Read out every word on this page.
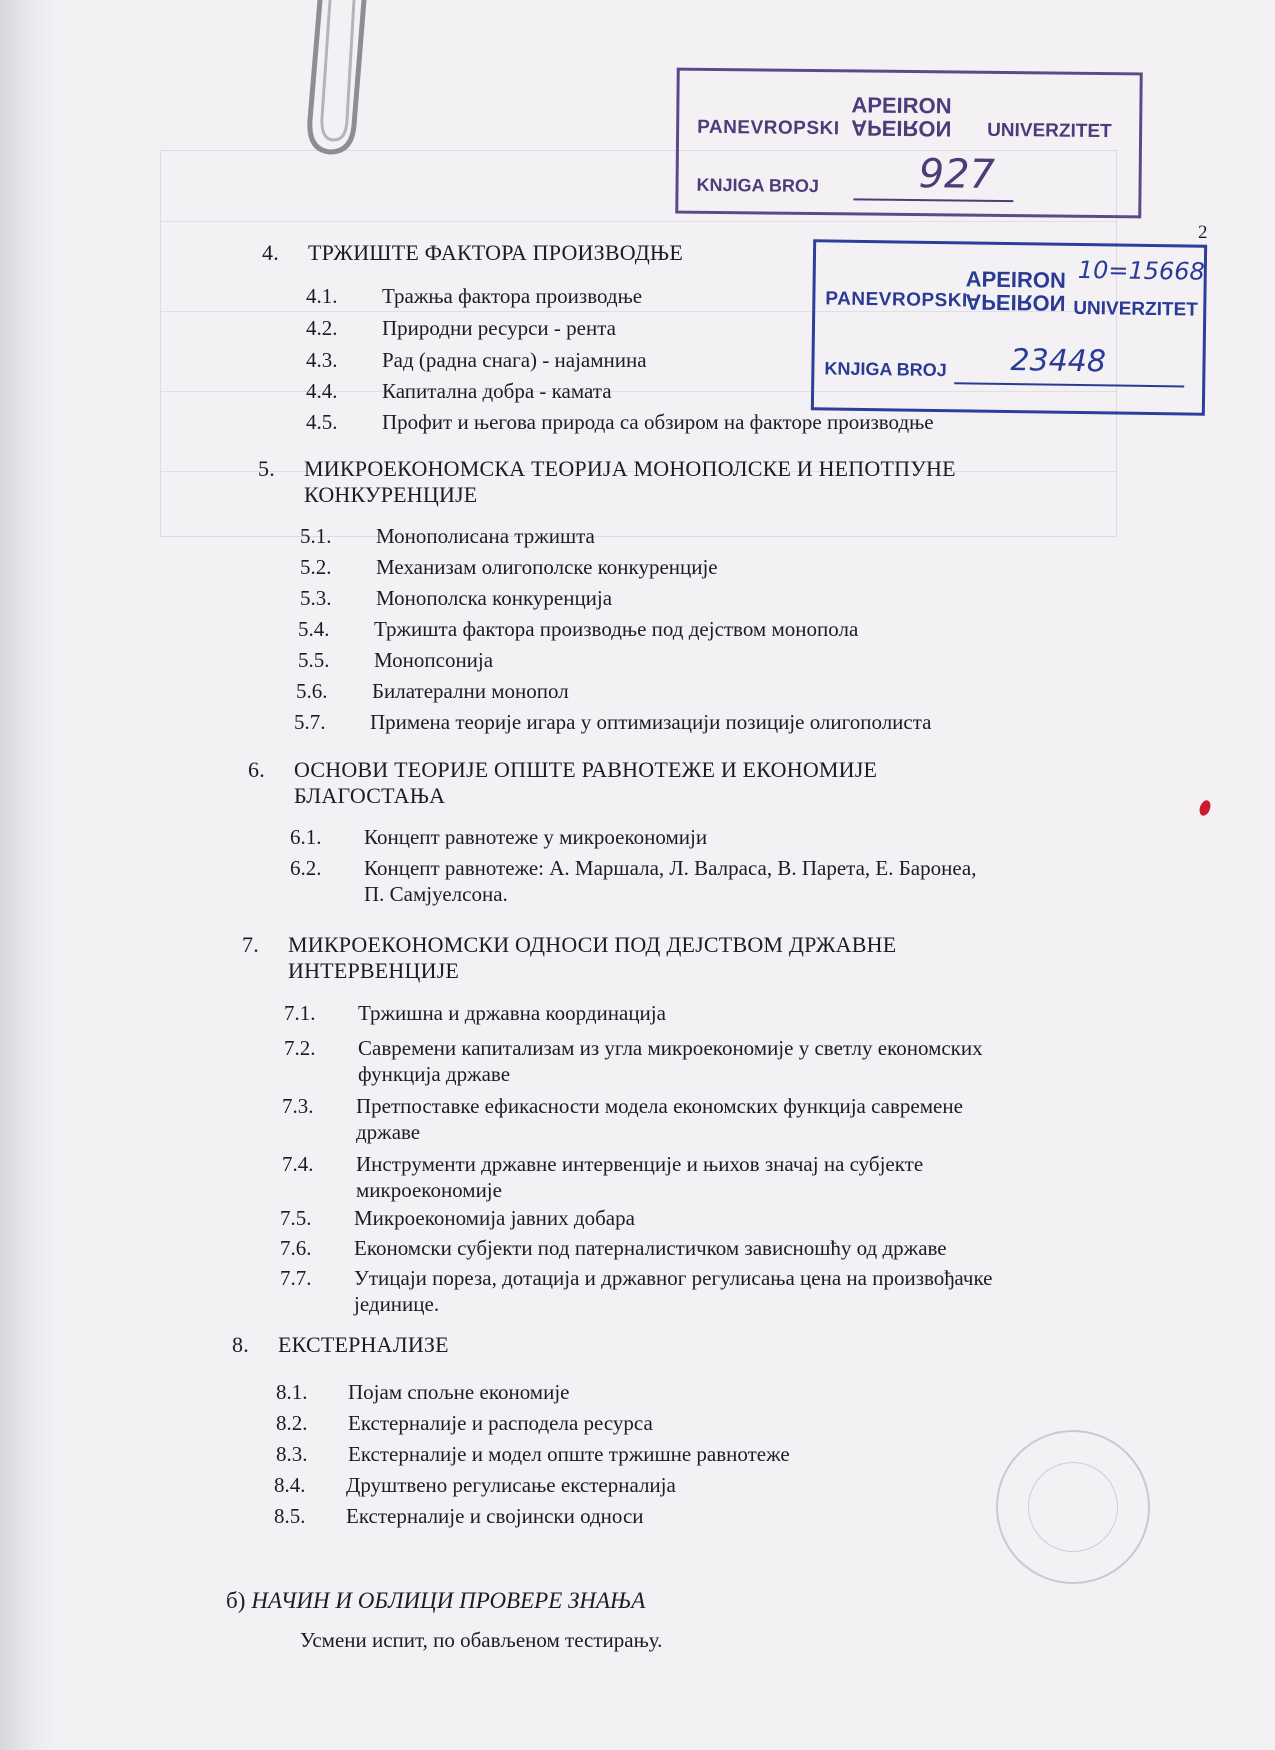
PANEVROPSKI
APEIRON
APEIRON UNIVERZITET
KNJIGA BROJ 927
PANEVROPSKI
APEIRON
APEIRON UNIVERZITET
10=15668
KNJIGA BROJ 23448
2
4. ТРЖИШТЕ ФАКТОРА ПРОИЗВОДЊЕ
4.1. Тражња фактора производње
4.2. Природни ресурси - рента
4.3. Рад (радна снага) - најамнина
4.4. Капитална добра - камата
4.5. Профит и његова природа са обзиром на факторе производње
5. МИКРОЕКОНОМСКА ТЕОРИЈА МОНОПОЛСКЕ И НЕПОТПУНЕ
КОНКУРЕНЦИЈЕ
5.1. Монополисана тржишта
5.2. Механизам олигополске конкуренције
5.3. Монополска конкуренција
5.4. Тржишта фактора производње под дејством монопола
5.5. Монопсонија
5.6. Билатерални монопол
5.7. Примена теорије игара у оптимизацији позиције олигополиста
6. ОСНОВИ ТЕОРИЈЕ ОПШТЕ РАВНОТЕЖЕ И ЕКОНОМИЈЕ
БЛАГОСТАЊА
6.1. Концепт равнотеже у микроекономији
6.2. Концепт равнотеже: А. Маршала, Л. Валраса, В. Парета, Е. Баронеа,
П. Самјуелсона.
7. МИКРОЕКОНОМСКИ ОДНОСИ ПОД ДЕЈСТВОМ ДРЖАВНЕ
ИНТЕРВЕНЦИЈЕ
7.1. Тржишна и државна координација
7.2. Савремени капитализам из угла микроекономије у светлу економских
функција државе
7.3. Претпоставке ефикасности модела економских функција савремене
државе
7.4. Инструменти државне интервенције и њихов значај на субјекте
микроекономије
7.5. Микроекономија јавних добара
7.6. Економски субјекти под патерналистичком зависношћу од државе
7.7. Утицаји пореза, дотација и државног регулисања цена на произвођачке
јединице.
8. ЕКСТЕРНАЛИЗЕ
8.1. Појам спољне економије
8.2. Екстерналије и расподела ресурса
8.3. Екстерналије и модел опште тржишне равнотеже
8.4. Друштвено регулисање екстерналија
8.5. Екстерналије и својински односи
б) НАЧИН И ОБЛИЦИ ПРОВЕРЕ ЗНАЊА
Усмени испит, по обављеном тестирању.
